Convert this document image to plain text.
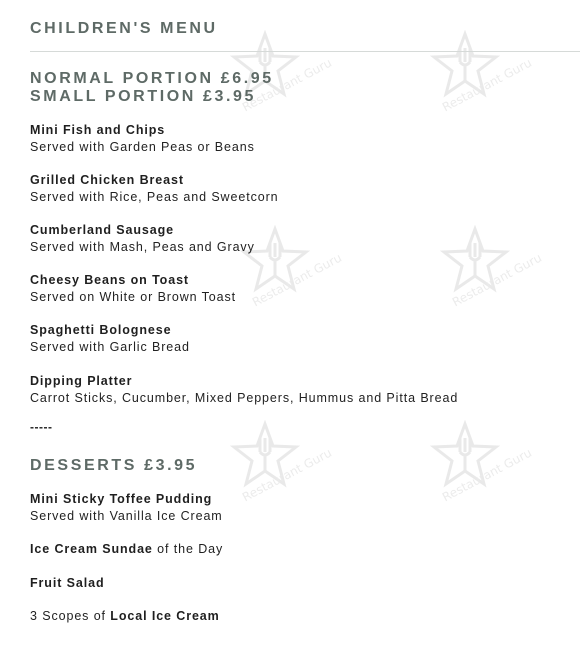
Restaurant Guru	Restaurant Guru
Restaurant Guru	Restaurant Guru
Restaurant Guru	Restaurant Guru
CHILDREN'S MENU

NORMAL PORTION £6.95

SMALL PORTION £3.95

Mini Fish and Chips
Served with Garden Peas or Beans
Grilled Chicken Breast
Served with Rice, Peas and Sweetcorn
Cumberland Sausage
Served with Mash, Peas and Gravy
Cheesy Beans on Toast
Served on White or Brown Toast
Spaghetti Bolognese
Served with Garlic Bread
Dipping Platter
Carrot Sticks, Cucumber, Mixed Peppers, Hummus and Pitta Bread
-----

DESSERTS £3.95

Mini Sticky Toffee Pudding
Served with Vanilla Ice Cream
Ice Cream Sundae of the Day
Fruit Salad
3 Scopes of Local Ice Cream
